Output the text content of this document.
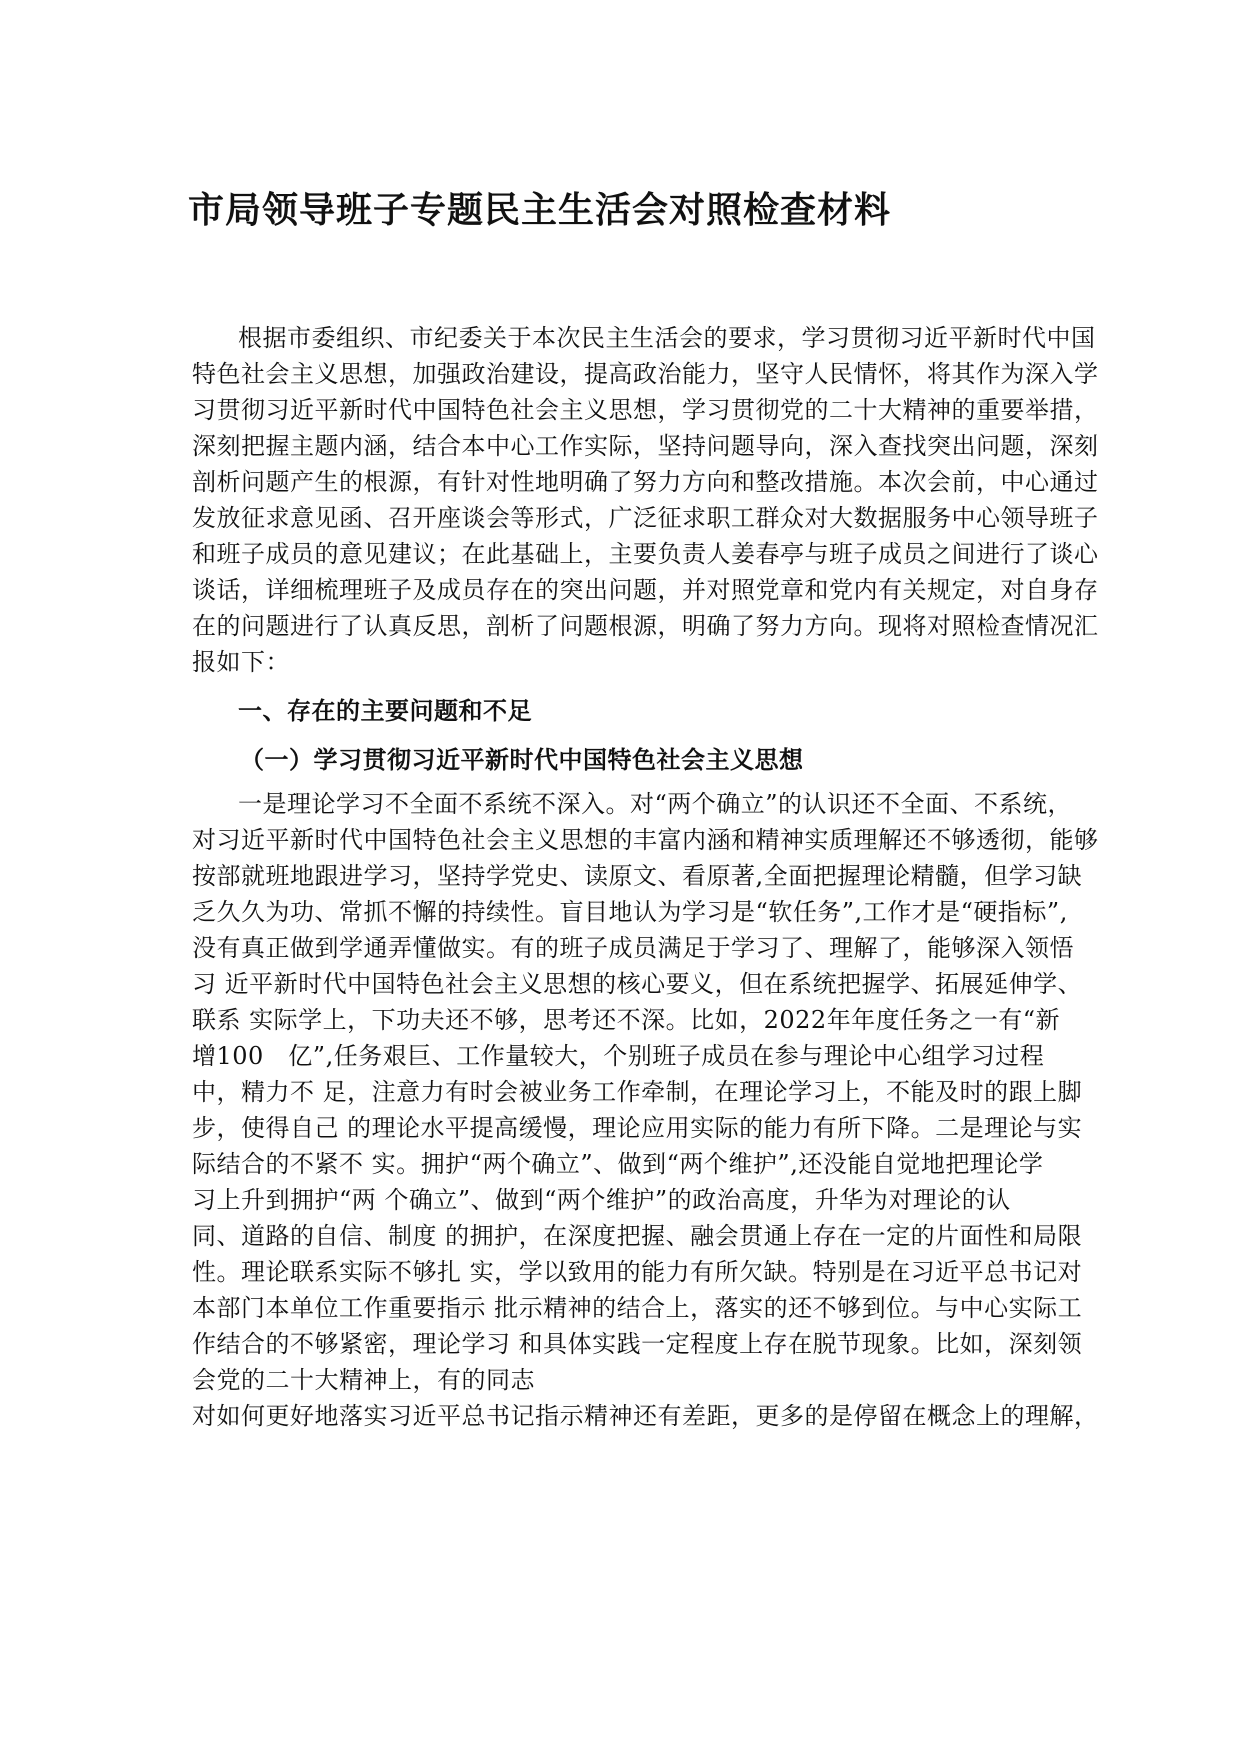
市局领导班子专题民主生活会对照检查材料

根据市委组织、市纪委关于本次民主生活会的要求，学习贯彻习近平新时代中国

特色社会主义思想，加强政治建设，提高政治能力，坚守人民情怀，将其作为深入学

习贯彻习近平新时代中国特色社会主义思想，学习贯彻党的二十大精神的重要举措，

深刻把握主题内涵，结合本中心工作实际，坚持问题导向，深入查找突出问题，深刻

剖析问题产生的根源，有针对性地明确了努力方向和整改措施。本次会前，中心通过

发放征求意见函、召开座谈会等形式，广泛征求职工群众对大数据服务中心领导班子

和班子成员的意见建议；在此基础上，主要负责人姜春亭与班子成员之间进行了谈心

谈话，详细梳理班子及成员存在的突出问题，并对照党章和党内有关规定，对自身存

在的问题进行了认真反思，剖析了问题根源，明确了努力方向。现将对照检查情况汇

报如下：

一、存在的主要问题和不足

（一）学习贯彻习近平新时代中国特色社会主义思想

一是理论学习不全面不系统不深入。对“两个确立”的认识还不全面、不系统，

对习近平新时代中国特色社会主义思想的丰富内涵和精神实质理解还不够透彻，能够

按部就班地跟进学习，坚持学党史、读原文、看原著,全面把握理论精髓，但学习缺

乏久久为功、常抓不懈的持续性。盲目地认为学习是“软任务”,工作才是“硬指标”,

没有真正做到学通弄懂做实。有的班子成员满足于学习了、理解了，能够深入领悟

习 近平新时代中国特色社会主义思想的核心要义，但在系统把握学、拓展延伸学、

联系 实际学上，下功夫还不够，思考还不深。比如，2022年年度任务之一有“新

增100　亿”,任务艰巨、工作量较大，个别班子成员在参与理论中心组学习过程

中，精力不 足，注意力有时会被业务工作牵制，在理论学习上，不能及时的跟上脚

步，使得自己 的理论水平提高缓慢，理论应用实际的能力有所下降。二是理论与实

际结合的不紧不 实。拥护“两个确立”、做到“两个维护”,还没能自觉地把理论学

习上升到拥护“两 个确立”、做到“两个维护”的政治高度，升华为对理论的认

同、道路的自信、制度 的拥护，在深度把握、融会贯通上存在一定的片面性和局限

性。理论联系实际不够扎 实，学以致用的能力有所欠缺。特别是在习近平总书记对

本部门本单位工作重要指示 批示精神的结合上，落实的还不够到位。与中心实际工

作结合的不够紧密，理论学习 和具体实践一定程度上存在脱节现象。比如，深刻领

会党的二十大精神上，有的同志

对如何更好地落实习近平总书记指示精神还有差距，更多的是停留在概念上的理解，
